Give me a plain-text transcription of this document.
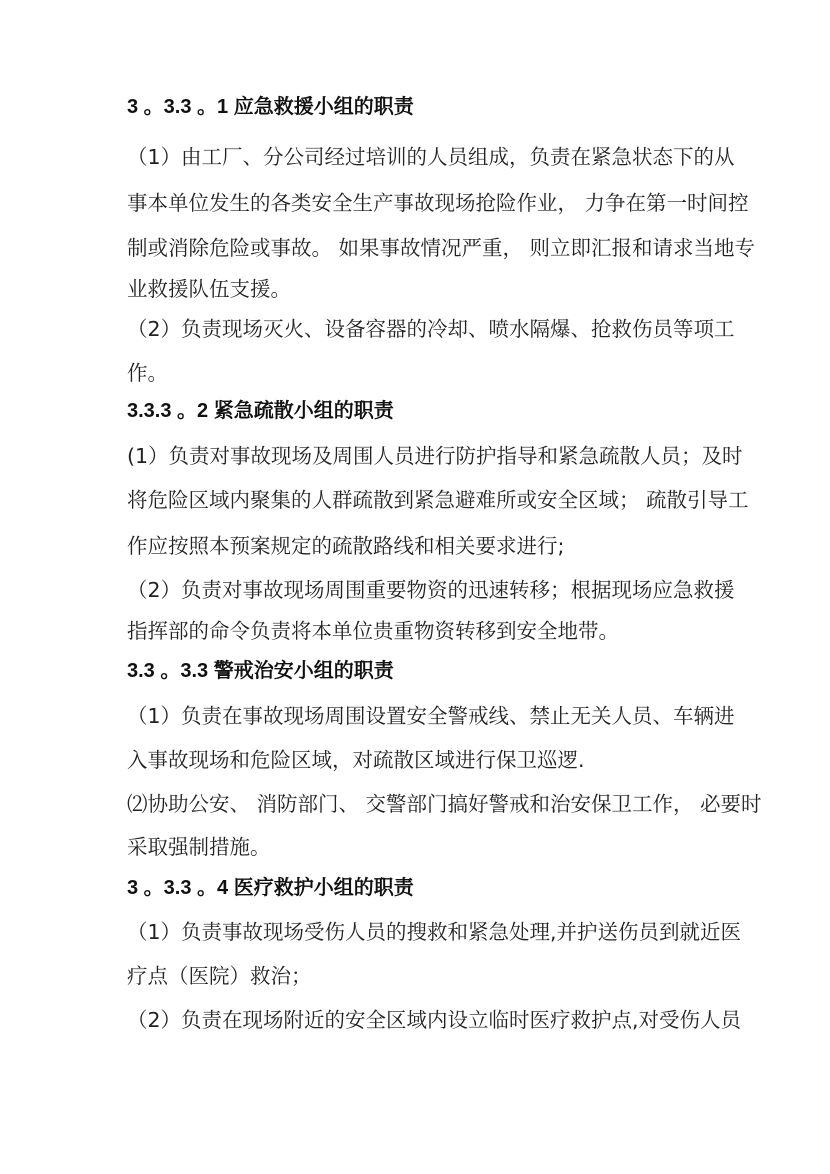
3 。3.3 。1 应急救援小组的职责
（1）由工厂、分公司经过培训的人员组成，负责在紧急状态下的从
事本单位发生的各类安全生产事故现场抢险作业， 力争在第一时间控
制或消除危险或事故。 如果事故情况严重， 则立即汇报和请求当地专
业救援队伍支援。
（2）负责现场灭火、设备容器的冷却、喷水隔爆、抢救伤员等项工
作。
3.3.3 。2 紧急疏散小组的职责
(1）负责对事故现场及周围人员进行防护指导和紧急疏散人员；及时
将危险区域内聚集的人群疏散到紧急避难所或安全区域； 疏散引导工
作应按照本预案规定的疏散路线和相关要求进行;
（2）负责对事故现场周围重要物资的迅速转移；根据现场应急救援
指挥部的命令负责将本单位贵重物资转移到安全地带。
3.3 。3.3 警戒治安小组的职责
（1）负责在事故现场周围设置安全警戒线、禁止无关人员、车辆进
入事故现场和危险区域，对疏散区域进行保卫巡逻.
⑵协助公安、 消防部门、 交警部门搞好警戒和治安保卫工作， 必要时
采取强制措施。
3 。3.3 。4 医疗救护小组的职责
（1）负责事故现场受伤人员的搜救和紧急处理,并护送伤员到就近医
疗点（医院）救治；
（2）负责在现场附近的安全区域内设立临时医疗救护点,对受伤人员
